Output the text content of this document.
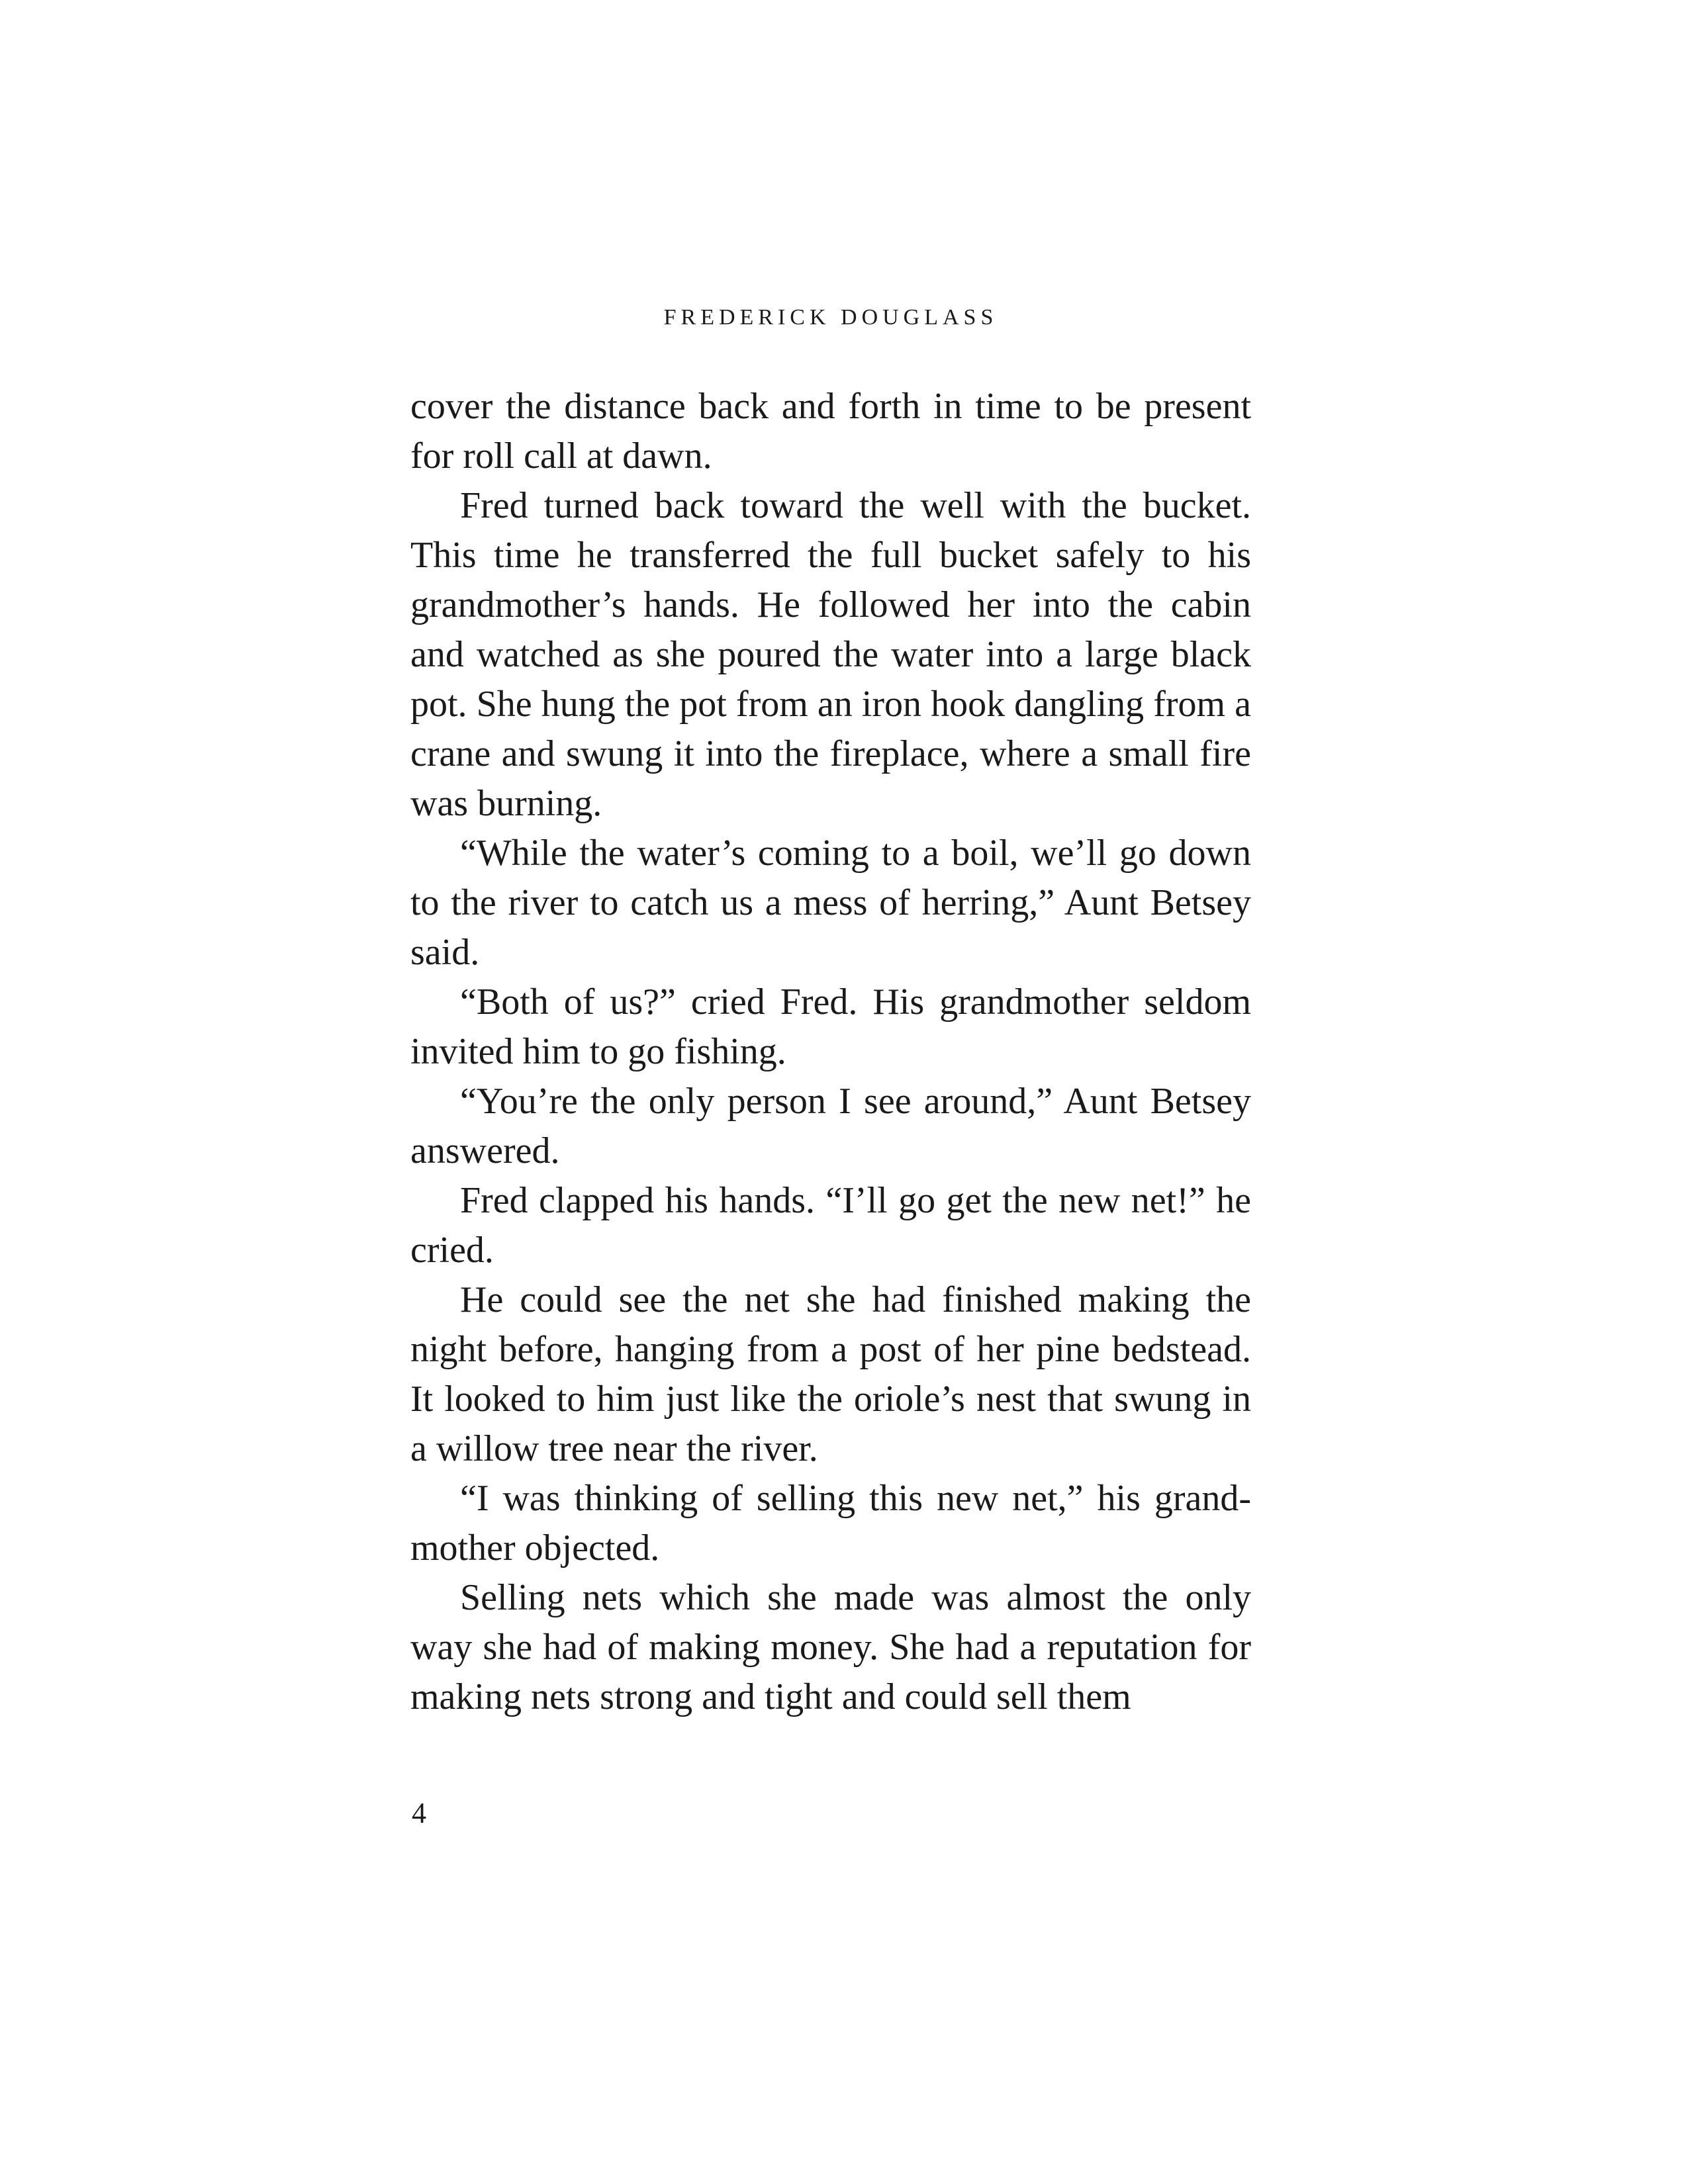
FREDERICK DOUGLASS

cover the distance back and forth in time to be present for roll call at dawn.

Fred turned back toward the well with the bucket. This time he transferred the full bucket safely to his grandmother’s hands. He followed her into the cabin and watched as she poured the water into a large black pot. She hung the pot from an iron hook dangling from a crane and swung it into the fireplace, where a small fire was burning.

“While the water’s coming to a boil, we’ll go down to the river to catch us a mess of herring,” Aunt Betsey said.

“Both of us?” cried Fred. His grandmother seldom invited him to go fishing.

“You’re the only person I see around,” Aunt Betsey answered.

Fred clapped his hands. “I’ll go get the new net!” he cried.

He could see the net she had finished making the night before, hanging from a post of her pine bedstead. It looked to him just like the oriole’s nest that swung in a willow tree near the river.

“I was thinking of selling this new net,” his grandmother objected.

Selling nets which she made was almost the only way she had of making money. She had a reputation for making nets strong and tight and could sell them

4
